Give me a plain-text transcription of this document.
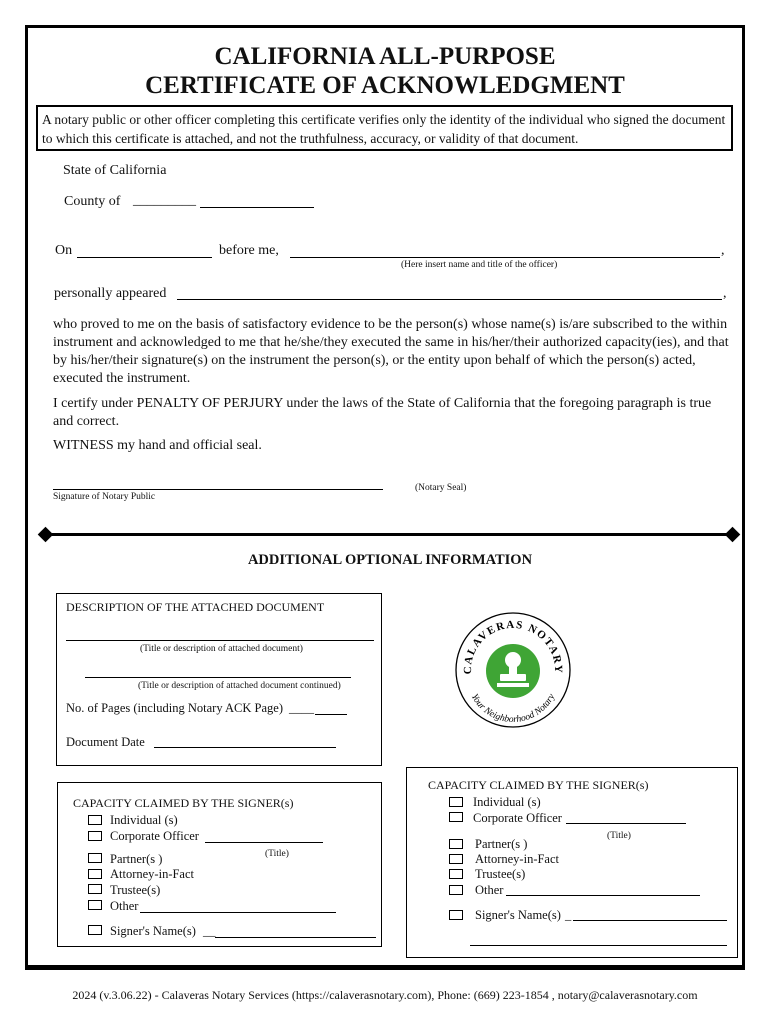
CALIFORNIA ALL-PURPOSE
CERTIFICATE OF ACKNOWLEDGMENT
A notary public or other officer completing this certificate verifies only the identity of the individual who signed the document to which this certificate is attached, and not the truthfulness, accuracy, or validity of that document.
State of California
County of _________
On	before me,	,
(Here insert name and title of the officer)
personally appeared	,
who proved to me on the basis of satisfactory evidence to be the person(s) whose name(s) is/are subscribed to the within instrument and acknowledged to me that he/she/they executed the same in his/her/their authorized capacity(ies), and that by his/her/their signature(s) on the instrument the person(s), or the entity upon behalf of which the person(s) acted, executed the instrument.
I certify under PENALTY OF PERJURY under the laws of the State of California that the foregoing paragraph is true and correct.
WITNESS my hand and official seal.
Signature of Notary Public
(Notary Seal)
ADDITIONAL OPTIONAL INFORMATION
DESCRIPTION OF THE ATTACHED DOCUMENT
(Title or description of attached document)
(Title or description of attached document continued)
No. of Pages (including Notary ACK Page) ____
Document Date
CALAVERAS NOTARY
Your Neighborhood Notary
CAPACITY CLAIMED BY THE SIGNER(s)
Individual (s)
Corporate Officer
(Title)
Partner(s )
Attorney-in-Fact
Trustee(s)
Other
Signer's Name(s) __
CAPACITY CLAIMED BY THE SIGNER(s)
Individual (s)
Corporate Officer
(Title)
Partner(s )
Attorney-in-Fact
Trustee(s)
Other
Signer's Name(s) _
2024 (v.3.06.22) - Calaveras Notary Services (https://calaverasnotary.com), Phone: (669) 223-1854 , notary@calaverasnotary.com
